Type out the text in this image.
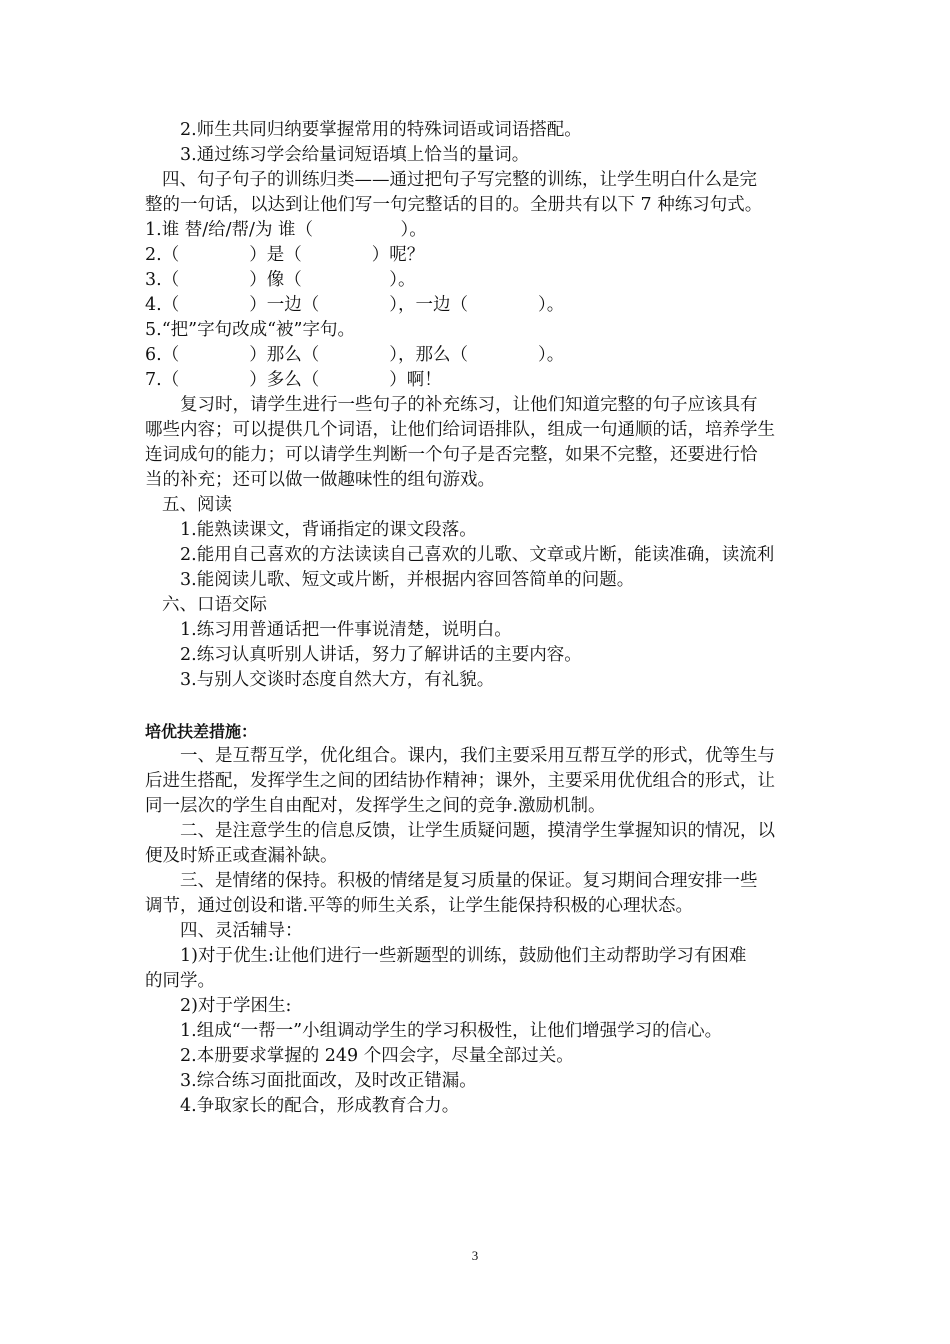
2.师生共同归纳要掌握常用的特殊词语或词语搭配。
3.通过练习学会给量词短语填上恰当的量词。
四、句子句子的训练归类——通过把句子写完整的训练，让学生明白什么是完
整的一句话，以达到让他们写一句完整话的目的。全册共有以下 7 种练习句式。
1.谁 替/给/帮/为 谁（　　　　　）。
2.（　　　　）是（　　　　）呢？
3.（　　　　）像（　　　　　）。
4.（　　　　）一边（　　　　），一边（　　　　）。
5.“把”字句改成“被”字句。
6.（　　　　）那么（　　　　），那么（　　　　）。
7.（　　　　）多么（　　　　）啊！
复习时，请学生进行一些句子的补充练习，让他们知道完整的句子应该具有
哪些内容；可以提供几个词语，让他们给词语排队，组成一句通顺的话，培养学生
连词成句的能力；可以请学生判断一个句子是否完整，如果不完整，还要进行恰
当的补充；还可以做一做趣味性的组句游戏。
五、阅读
1.能熟读课文，背诵指定的课文段落。
2.能用自己喜欢的方法读读自己喜欢的儿歌、文章或片断，能读准确，读流利
3.能阅读儿歌、短文或片断，并根据内容回答简单的问题。
六、口语交际
1.练习用普通话把一件事说清楚，说明白。
2.练习认真听别人讲话，努力了解讲话的主要内容。
3.与别人交谈时态度自然大方，有礼貌。
培优扶差措施：
一、是互帮互学，优化组合。课内，我们主要采用互帮互学的形式，优等生与
后进生搭配，发挥学生之间的团结协作精神；课外，主要采用优优组合的形式，让
同一层次的学生自由配对，发挥学生之间的竞争.激励机制。
二、是注意学生的信息反馈，让学生质疑问题，摸清学生掌握知识的情况，以
便及时矫正或查漏补缺。
三、是情绪的保持。积极的情绪是复习质量的保证。复习期间合理安排一些
调节，通过创设和谐.平等的师生关系，让学生能保持积极的心理状态。
四、灵活辅导：
1)对于优生:让他们进行一些新题型的训练，鼓励他们主动帮助学习有困难
的同学。
2)对于学困生:
1.组成“一帮一”小组调动学生的学习积极性，让他们增强学习的信心。
2.本册要求掌握的 249 个四会字，尽量全部过关。
3.综合练习面批面改，及时改正错漏。
4.争取家长的配合，形成教育合力。
3
